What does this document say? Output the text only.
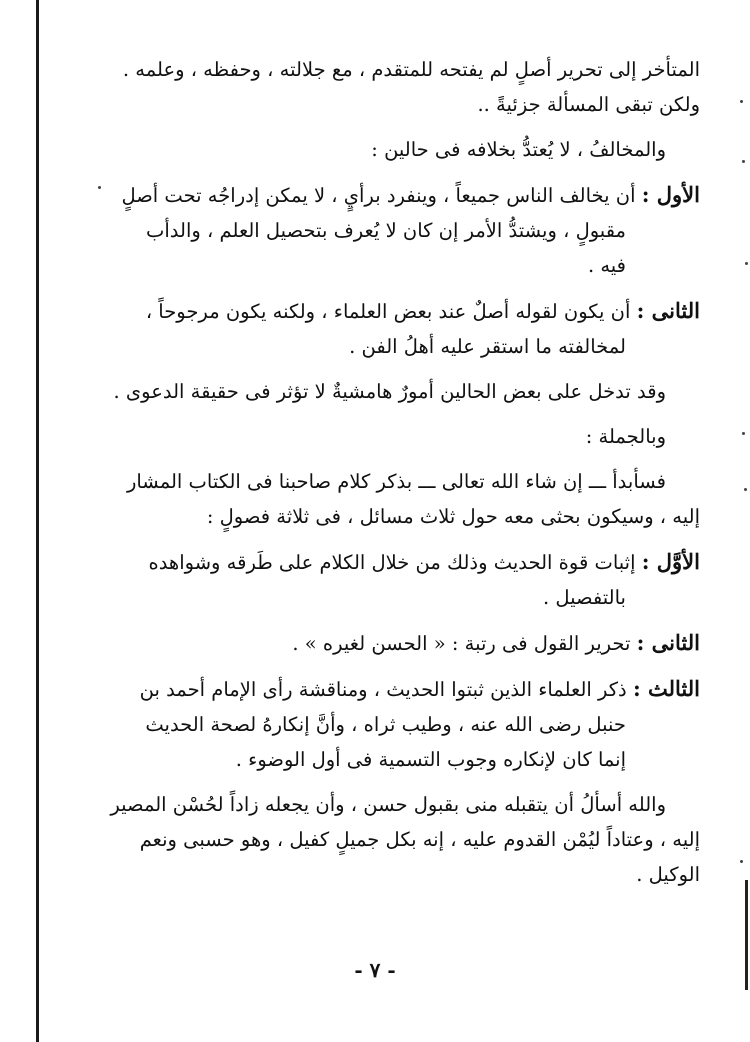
المتأخر إلى تحرير أصلٍ لم يفتحه للمتقدم ، مع جلالته ، وحفظه ، وعلمه .
ولكن تبقى المسألة جزئيةً ..
والمخالفُ ، لا يُعتدُّ بخلافه فى حالين :
الأول : أن يخالف الناس جميعاً ، وينفرد برأيٍ ، لا يمكن إدراجُه تحت أصلٍ
مقبولٍ ، ويشتدُّ الأمر إن كان لا يُعرف بتحصيل العلم ، والدأب
فيه .
الثانى : أن يكون لقوله أصلٌ عند بعض العلماء ، ولكنه يكون مرجوحاً ،
لمخالفته ما استقر عليه أهلُ الفن .
وقد تدخل على بعض الحالين أمورٌ هامشيةٌ لا تؤثر فى حقيقة الدعوى .
وبالجملة :
فسأبدأ ـــ إن شاء الله تعالى ـــ بذكر كلام صاحبنا فى الكتاب المشار
إليه ، وسيكون بحثى معه حول ثلاث مسائل ، فى ثلاثة فصولٍ :
الأوَّل : إثبات قوة الحديث وذلك من خلال الكلام على طَرقه وشواهده
بالتفصيل .
الثانى : تحرير القول فى رتبة : « الحسن لغيره » .
الثالث : ذكر العلماء الذين ثبتوا الحديث ، ومناقشة رأى الإمام أحمد بن
حنبل رضى الله عنه ، وطيب ثراه ، وأنَّ إنكارهُ لصحة الحديث
إنما كان لإنكاره وجوب التسمية فى أول الوضوء .
والله أسألُ أن يتقبله منى بقبول حسن ، وأن يجعله زاداً لحُسْن المصير
إليه ، وعتاداً ليُمْن القدوم عليه ، إنه بكل جميلٍ كفيل ، وهو حسبى ونعم
الوكيل .
- ٧ -
